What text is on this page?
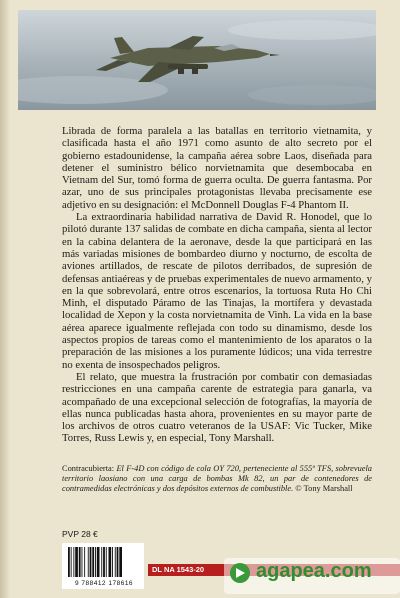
Librada de forma paralela a las batallas en territorio vietnamita, y clasificada hasta el año 1971 como asunto de alto secreto por el gobierno estadounidense, la campaña aérea sobre Laos, diseñada para detener el suministro bélico norvietnamita que desembocaba en Vietnam del Sur, tomó forma de guerra oculta. De guerra fantasma. Por azar, uno de sus principales protagonistas llevaba precisamente ese adjetivo en su designación: el McDonnell Douglas F-4 Phantom II.

La extraordinaria habilidad narrativa de David R. Honodel, que lo pilotó durante 137 salidas de combate en dicha campaña, sienta al lector en la cabina delantera de la aeronave, desde la que participará en las más variadas misiones de bombardeo diurno y nocturno, de escolta de aviones artillados, de rescate de pilotos derribados, de supresión de defensas antiaéreas y de pruebas experimentales de nuevo armamento, y en la que sobrevolará, entre otros escenarios, la tortuosa Ruta Ho Chi Minh, el disputado Páramo de las Tinajas, la mortífera y devastada localidad de Xepon y la costa norvietnamita de Vinh. La vida en la base aérea aparece igualmente reflejada con todo su dinamismo, desde los aspectos propios de tareas como el mantenimiento de los aparatos o la preparación de las misiones a los puramente lúdicos; una vida terrestre no exenta de insospechados peligros.

El relato, que muestra la frustración por combatir con demasiadas restricciones en una campaña carente de estrategia para ganarla, va acompañado de una excepcional selección de fotografías, la mayoría de ellas nunca publicadas hasta ahora, provenientes en su mayor parte de los archivos de otros cuatro veteranos de la USAF: Vic Tucker, Mike Torres, Russ Lewis y, en especial, Tony Marshall.

Contracubierta: El F-4D con código de cola OY 720, perteneciente al 555º TFS, sobrevuela territorio laosiano con una carga de bombas Mk 82, un par de contenedores de contramedidas electrónicas y dos depósitos externos de combustible. © Tony Marshall
PVP 28 €
9 788412 178616
DL NA 1543-20	agapea.com
